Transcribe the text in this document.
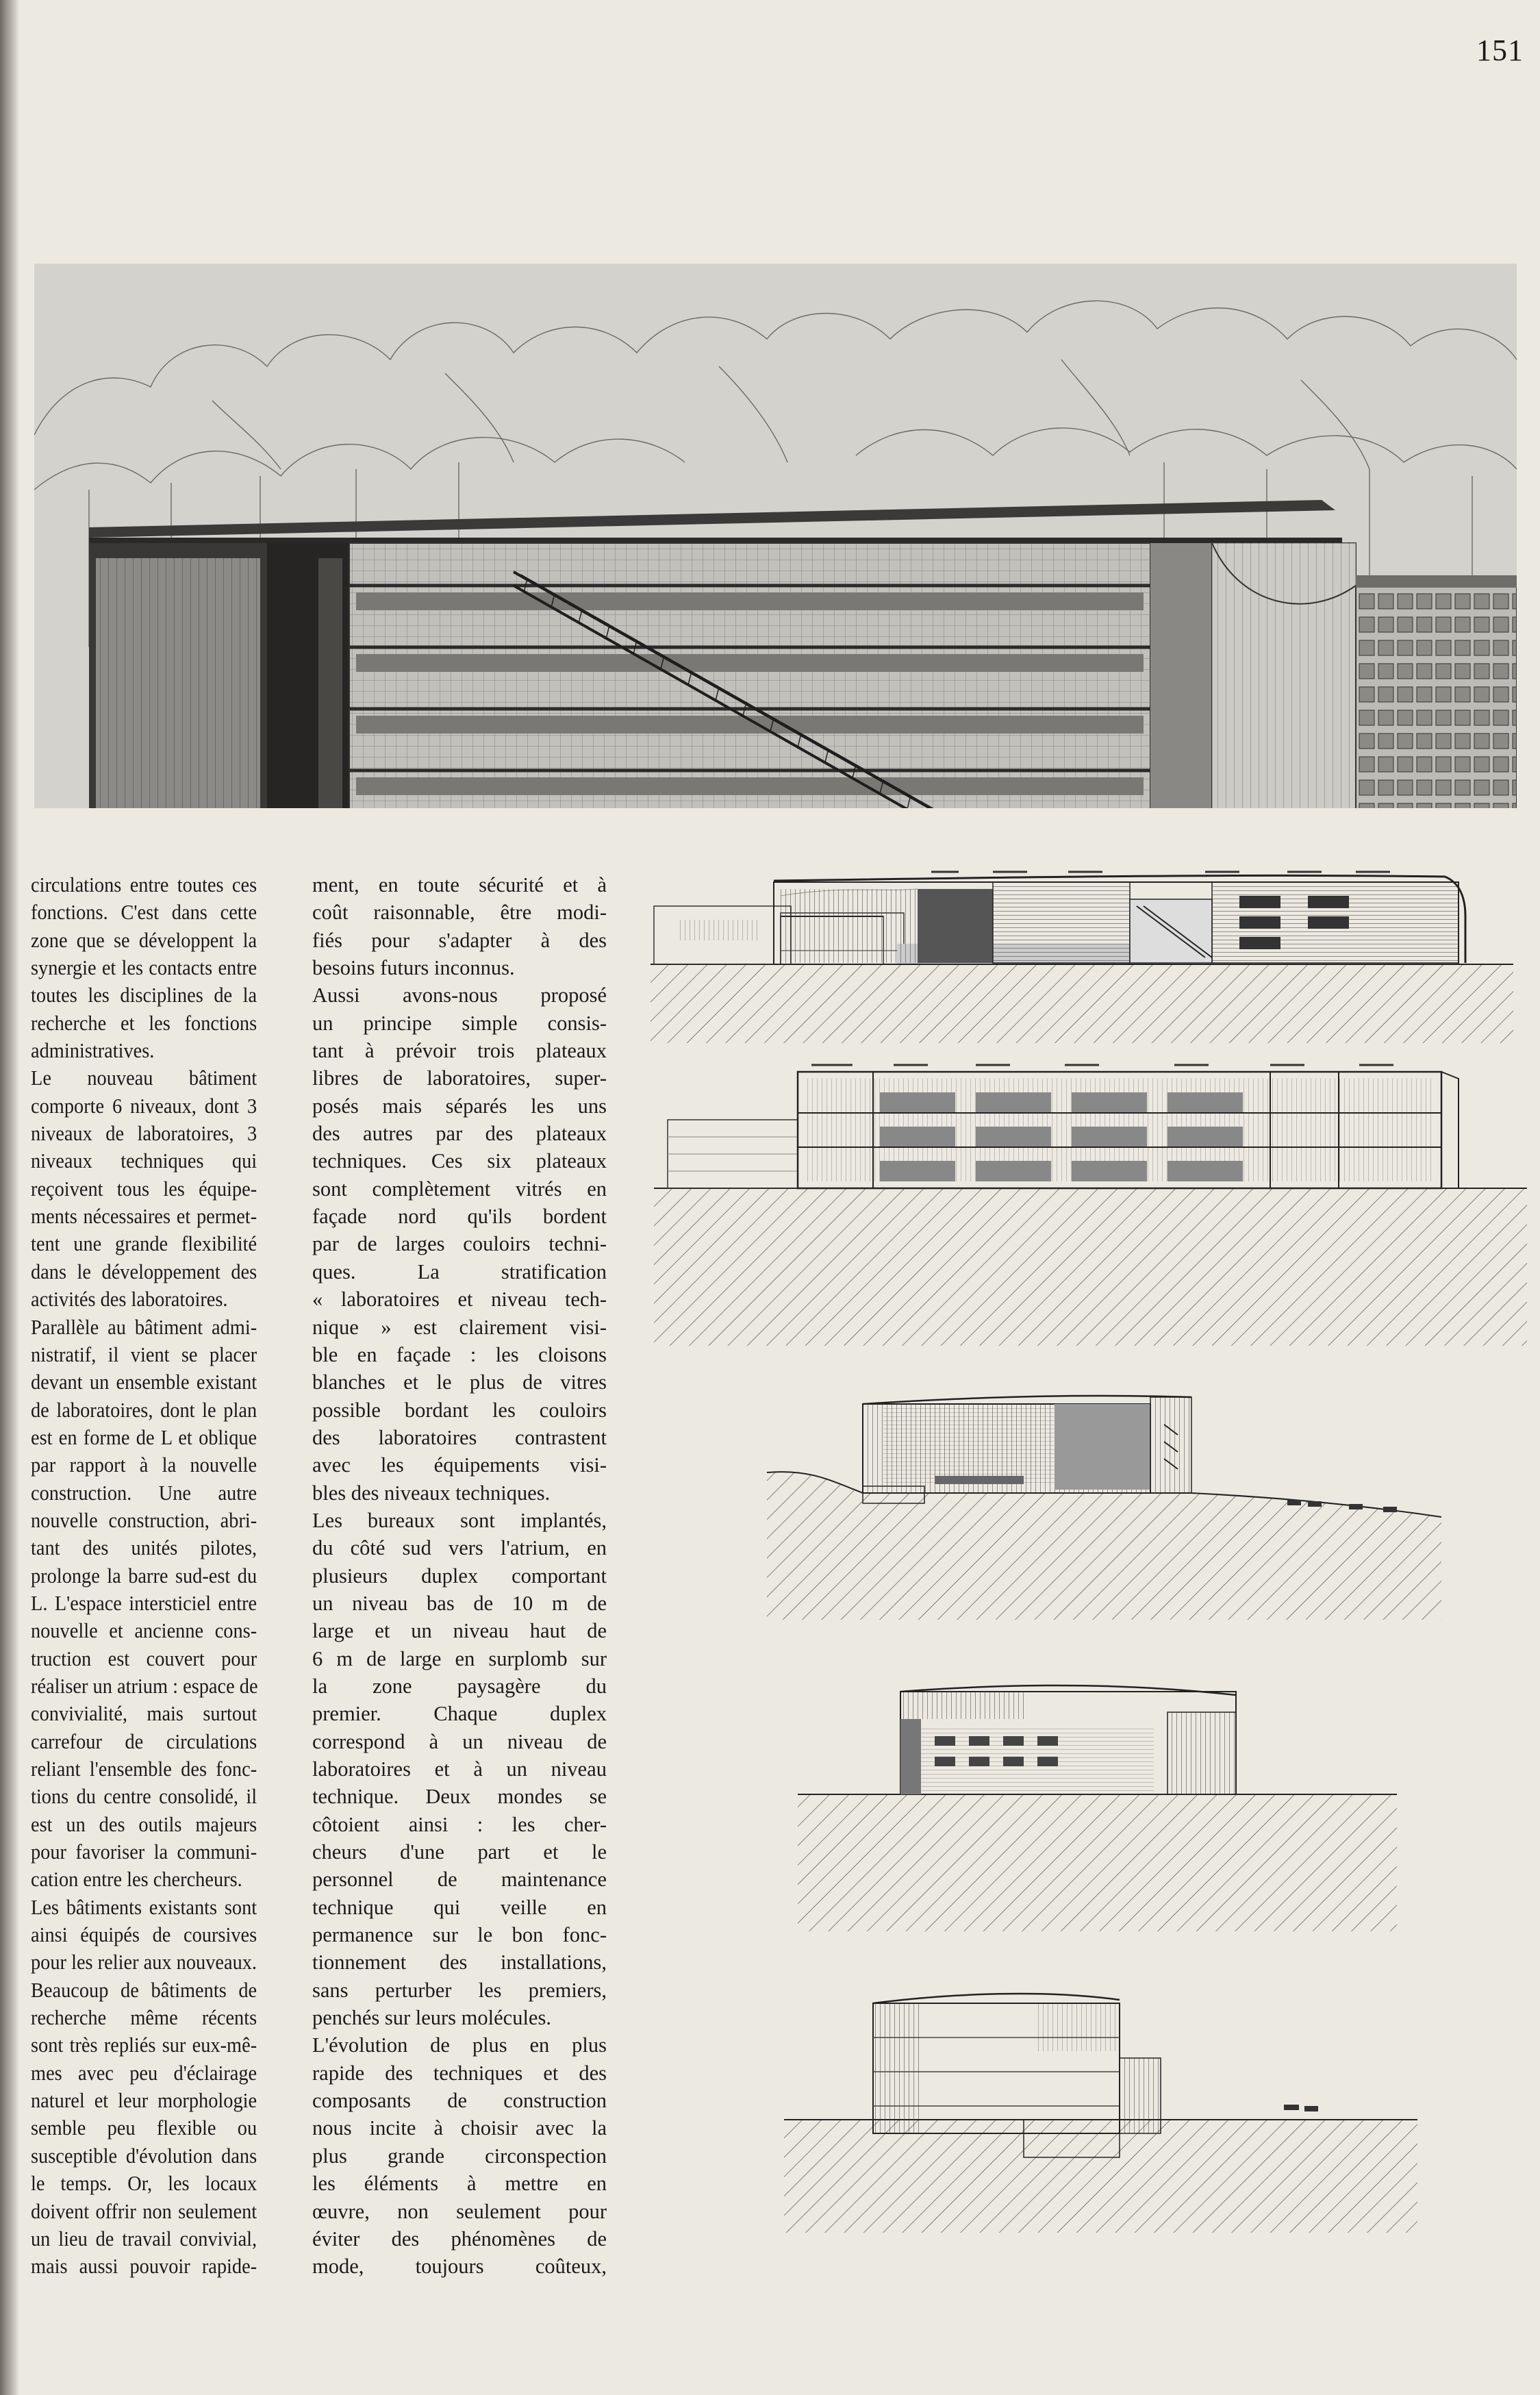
151
circulations entre toutes ces
fonctions. C'est dans cette
zone que se développent la
synergie et les contacts entre
toutes les disciplines de la
recherche et les fonctions
administratives.
Le nouveau bâtiment
comporte 6 niveaux, dont 3
niveaux de laboratoires, 3
niveaux techniques qui
reçoivent tous les équipe-
ments nécessaires et permet-
tent une grande flexibilité
dans le développement des
activités des laboratoires.
Parallèle au bâtiment admi-
nistratif, il vient se placer
devant un ensemble existant
de laboratoires, dont le plan
est en forme de L et oblique
par rapport à la nouvelle
construction. Une autre
nouvelle construction, abri-
tant des unités pilotes,
prolonge la barre sud-est du
L. L'espace intersticiel entre
nouvelle et ancienne cons-
truction est couvert pour
réaliser un atrium : espace de
convivialité, mais surtout
carrefour de circulations
reliant l'ensemble des fonc-
tions du centre consolidé, il
est un des outils majeurs
pour favoriser la communi-
cation entre les chercheurs.
Les bâtiments existants sont
ainsi équipés de coursives
pour les relier aux nouveaux.
Beaucoup de bâtiments de
recherche même récents
sont très repliés sur eux-mê-
mes avec peu d'éclairage
naturel et leur morphologie
semble peu flexible ou
susceptible d'évolution dans
le temps. Or, les locaux
doivent offrir non seulement
un lieu de travail convivial,
mais aussi pouvoir rapide-
ment, en toute sécurité et à
coût raisonnable, être modi-
fiés pour s'adapter à des
besoins futurs inconnus.
Aussi avons-nous proposé
un principe simple consis-
tant à prévoir trois plateaux
libres de laboratoires, super-
posés mais séparés les uns
des autres par des plateaux
techniques. Ces six plateaux
sont complètement vitrés en
façade nord qu'ils bordent
par de larges couloirs techni-
ques. La stratification
« laboratoires et niveau tech-
nique » est clairement visi-
ble en façade : les cloisons
blanches et le plus de vitres
possible bordant les couloirs
des laboratoires contrastent
avec les équipements visi-
bles des niveaux techniques.
Les bureaux sont implantés,
du côté sud vers l'atrium, en
plusieurs duplex comportant
un niveau bas de 10 m de
large et un niveau haut de
6 m de large en surplomb sur
la zone paysagère du
premier. Chaque duplex
correspond à un niveau de
laboratoires et à un niveau
technique. Deux mondes se
côtoient ainsi : les cher-
cheurs d'une part et le
personnel de maintenance
technique qui veille en
permanence sur le bon fonc-
tionnement des installations,
sans perturber les premiers,
penchés sur leurs molécules.
L'évolution de plus en plus
rapide des techniques et des
composants de construction
nous incite à choisir avec la
plus grande circonspection
les éléments à mettre en
œuvre, non seulement pour
éviter des phénomènes de
mode, toujours coûteux,
